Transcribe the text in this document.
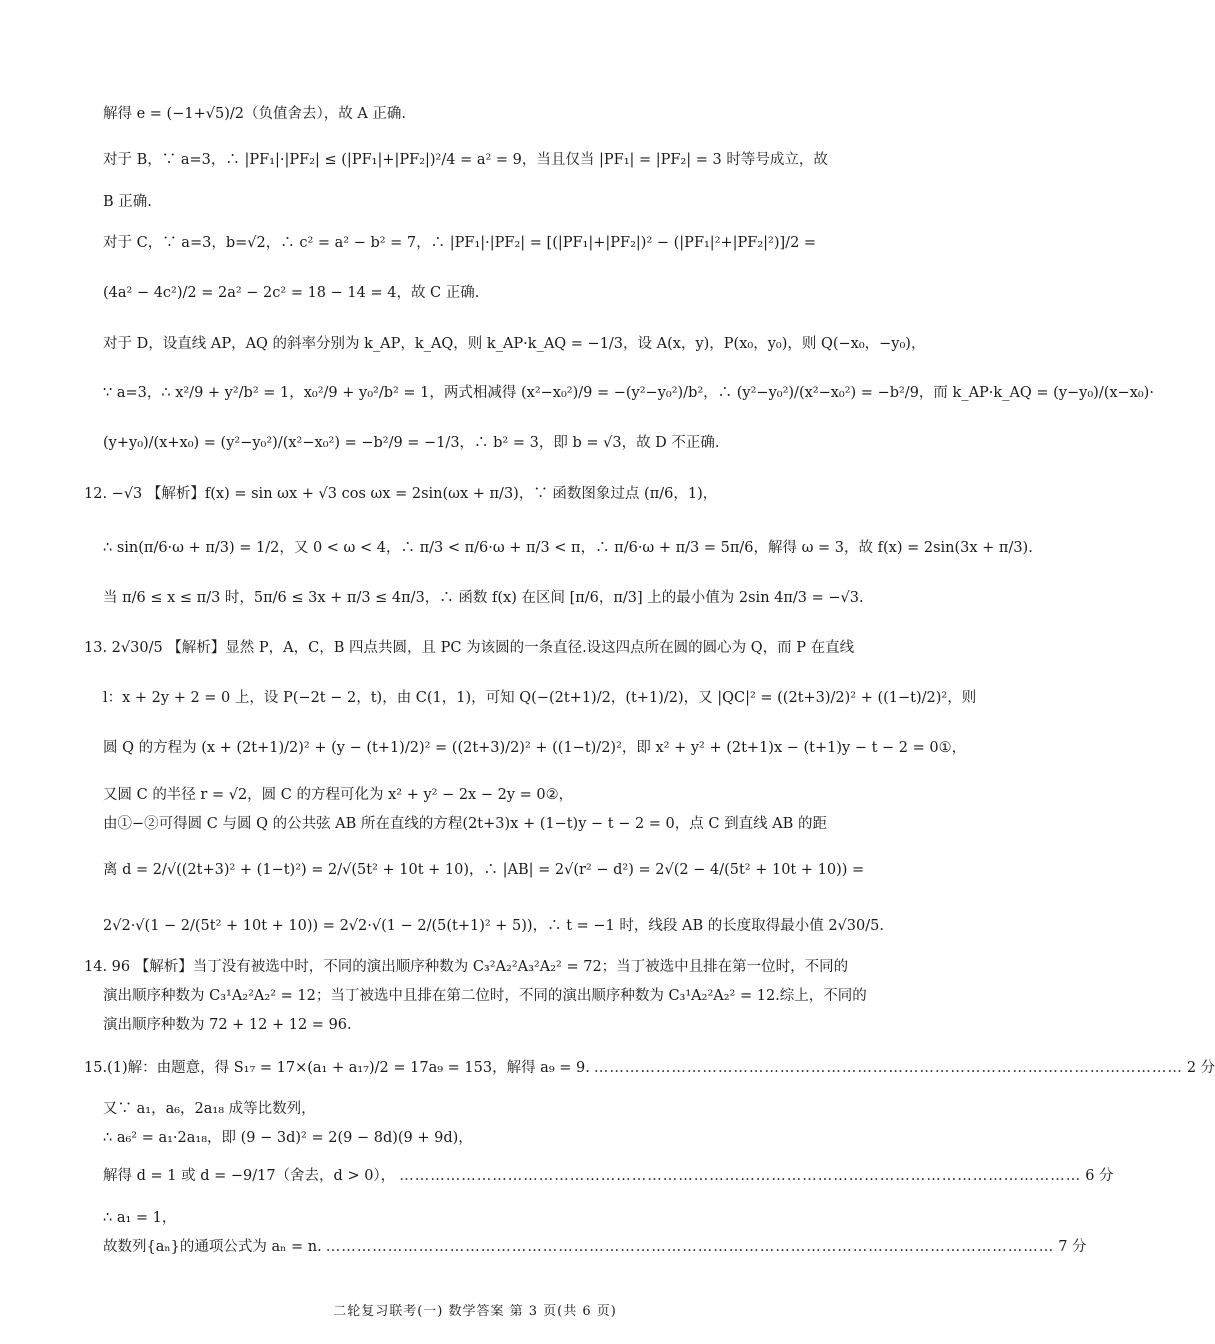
解得 e = (−1+√5)/2（负值舍去），故 A 正确.
对于 B，∵ a=3，∴ |PF₁|·|PF₂| ≤ (|PF₁|+|PF₂|)²/4 = a² = 9，当且仅当 |PF₁| = |PF₂| = 3 时等号成立，故
B 正确.
对于 C，∵ a=3，b=√2，∴ c² = a² − b² = 7，∴ |PF₁|·|PF₂| = [(|PF₁|+|PF₂|)² − (|PF₁|²+|PF₂|²)]/2 =
(4a² − 4c²)/2 = 2a² − 2c² = 18 − 14 = 4，故 C 正确.
对于 D，设直线 AP，AQ 的斜率分别为 k_AP，k_AQ，则 k_AP·k_AQ = −1/3，设 A(x，y)，P(x₀，y₀)，则 Q(−x₀，−y₀)，
∵ a=3，∴ x²/9 + y²/b² = 1，x₀²/9 + y₀²/b² = 1，两式相减得 (x²−x₀²)/9 = −(y²−y₀²)/b²，∴ (y²−y₀²)/(x²−x₀²) = −b²/9，而 k_AP·k_AQ = (y−y₀)/(x−x₀)·
(y+y₀)/(x+x₀) = (y²−y₀²)/(x²−x₀²) = −b²/9 = −1/3，∴ b² = 3，即 b = √3，故 D 不正确.
12. −√3 【解析】f(x) = sin ωx + √3 cos ωx = 2sin(ωx + π/3)，∵ 函数图象过点 (π/6，1)，
∴ sin(π/6·ω + π/3) = 1/2，又 0 < ω < 4，∴ π/3 < π/6·ω + π/3 < π，∴ π/6·ω + π/3 = 5π/6，解得 ω = 3，故 f(x) = 2sin(3x + π/3).
当 π/6 ≤ x ≤ π/3 时，5π/6 ≤ 3x + π/3 ≤ 4π/3，∴ 函数 f(x) 在区间 [π/6，π/3] 上的最小值为 2sin 4π/3 = −√3.
13. 2√30/5 【解析】显然 P，A，C，B 四点共圆，且 PC 为该圆的一条直径.设这四点所在圆的圆心为 Q，而 P 在直线
l：x + 2y + 2 = 0 上，设 P(−2t − 2，t)，由 C(1，1)，可知 Q(−(2t+1)/2，(t+1)/2)，又 |QC|² = ((2t+3)/2)² + ((1−t)/2)²，则
圆 Q 的方程为 (x + (2t+1)/2)² + (y − (t+1)/2)² = ((2t+3)/2)² + ((1−t)/2)²，即 x² + y² + (2t+1)x − (t+1)y − t − 2 = 0①，
又圆 C 的半径 r = √2，圆 C 的方程可化为 x² + y² − 2x − 2y = 0②，
由①−②可得圆 C 与圆 Q 的公共弦 AB 所在直线的方程(2t+3)x + (1−t)y − t − 2 = 0，点 C 到直线 AB 的距
离 d = 2/√((2t+3)² + (1−t)²) = 2/√(5t² + 10t + 10)，∴ |AB| = 2√(r² − d²) = 2√(2 − 4/(5t² + 10t + 10)) =
2√2·√(1 − 2/(5t² + 10t + 10)) = 2√2·√(1 − 2/(5(t+1)² + 5))，∴ t = −1 时，线段 AB 的长度取得最小值 2√30/5.
14. 96 【解析】当丁没有被选中时，不同的演出顺序种数为 C₃²A₂²A₃²A₂² = 72；当丁被选中且排在第一位时，不同的
演出顺序种数为 C₃¹A₂²A₂² = 12；当丁被选中且排在第二位时，不同的演出顺序种数为 C₃¹A₂²A₂² = 12.综上，不同的
演出顺序种数为 72 + 12 + 12 = 96.
15.(1)解：由题意，得 S₁₇ = 17×(a₁ + a₁₇)/2 = 17a₉ = 153，解得 a₉ = 9. …………………………………………………………………………………………………… 2 分
又∵ a₁，a₆，2a₁₈ 成等比数列，
∴ a₆² = a₁·2a₁₈，即 (9 − 3d)² = 2(9 − 8d)(9 + 9d)，
解得 d = 1 或 d = −9/17（舍去，d > 0）， …………………………………………………………………………………………………………………… 6 分
∴ a₁ = 1，
故数列{aₙ}的通项公式为 aₙ = n. …………………………………………………………………………………………………………………………… 7 分
二轮复习联考(一) 数学答案 第 3 页(共 6 页)
